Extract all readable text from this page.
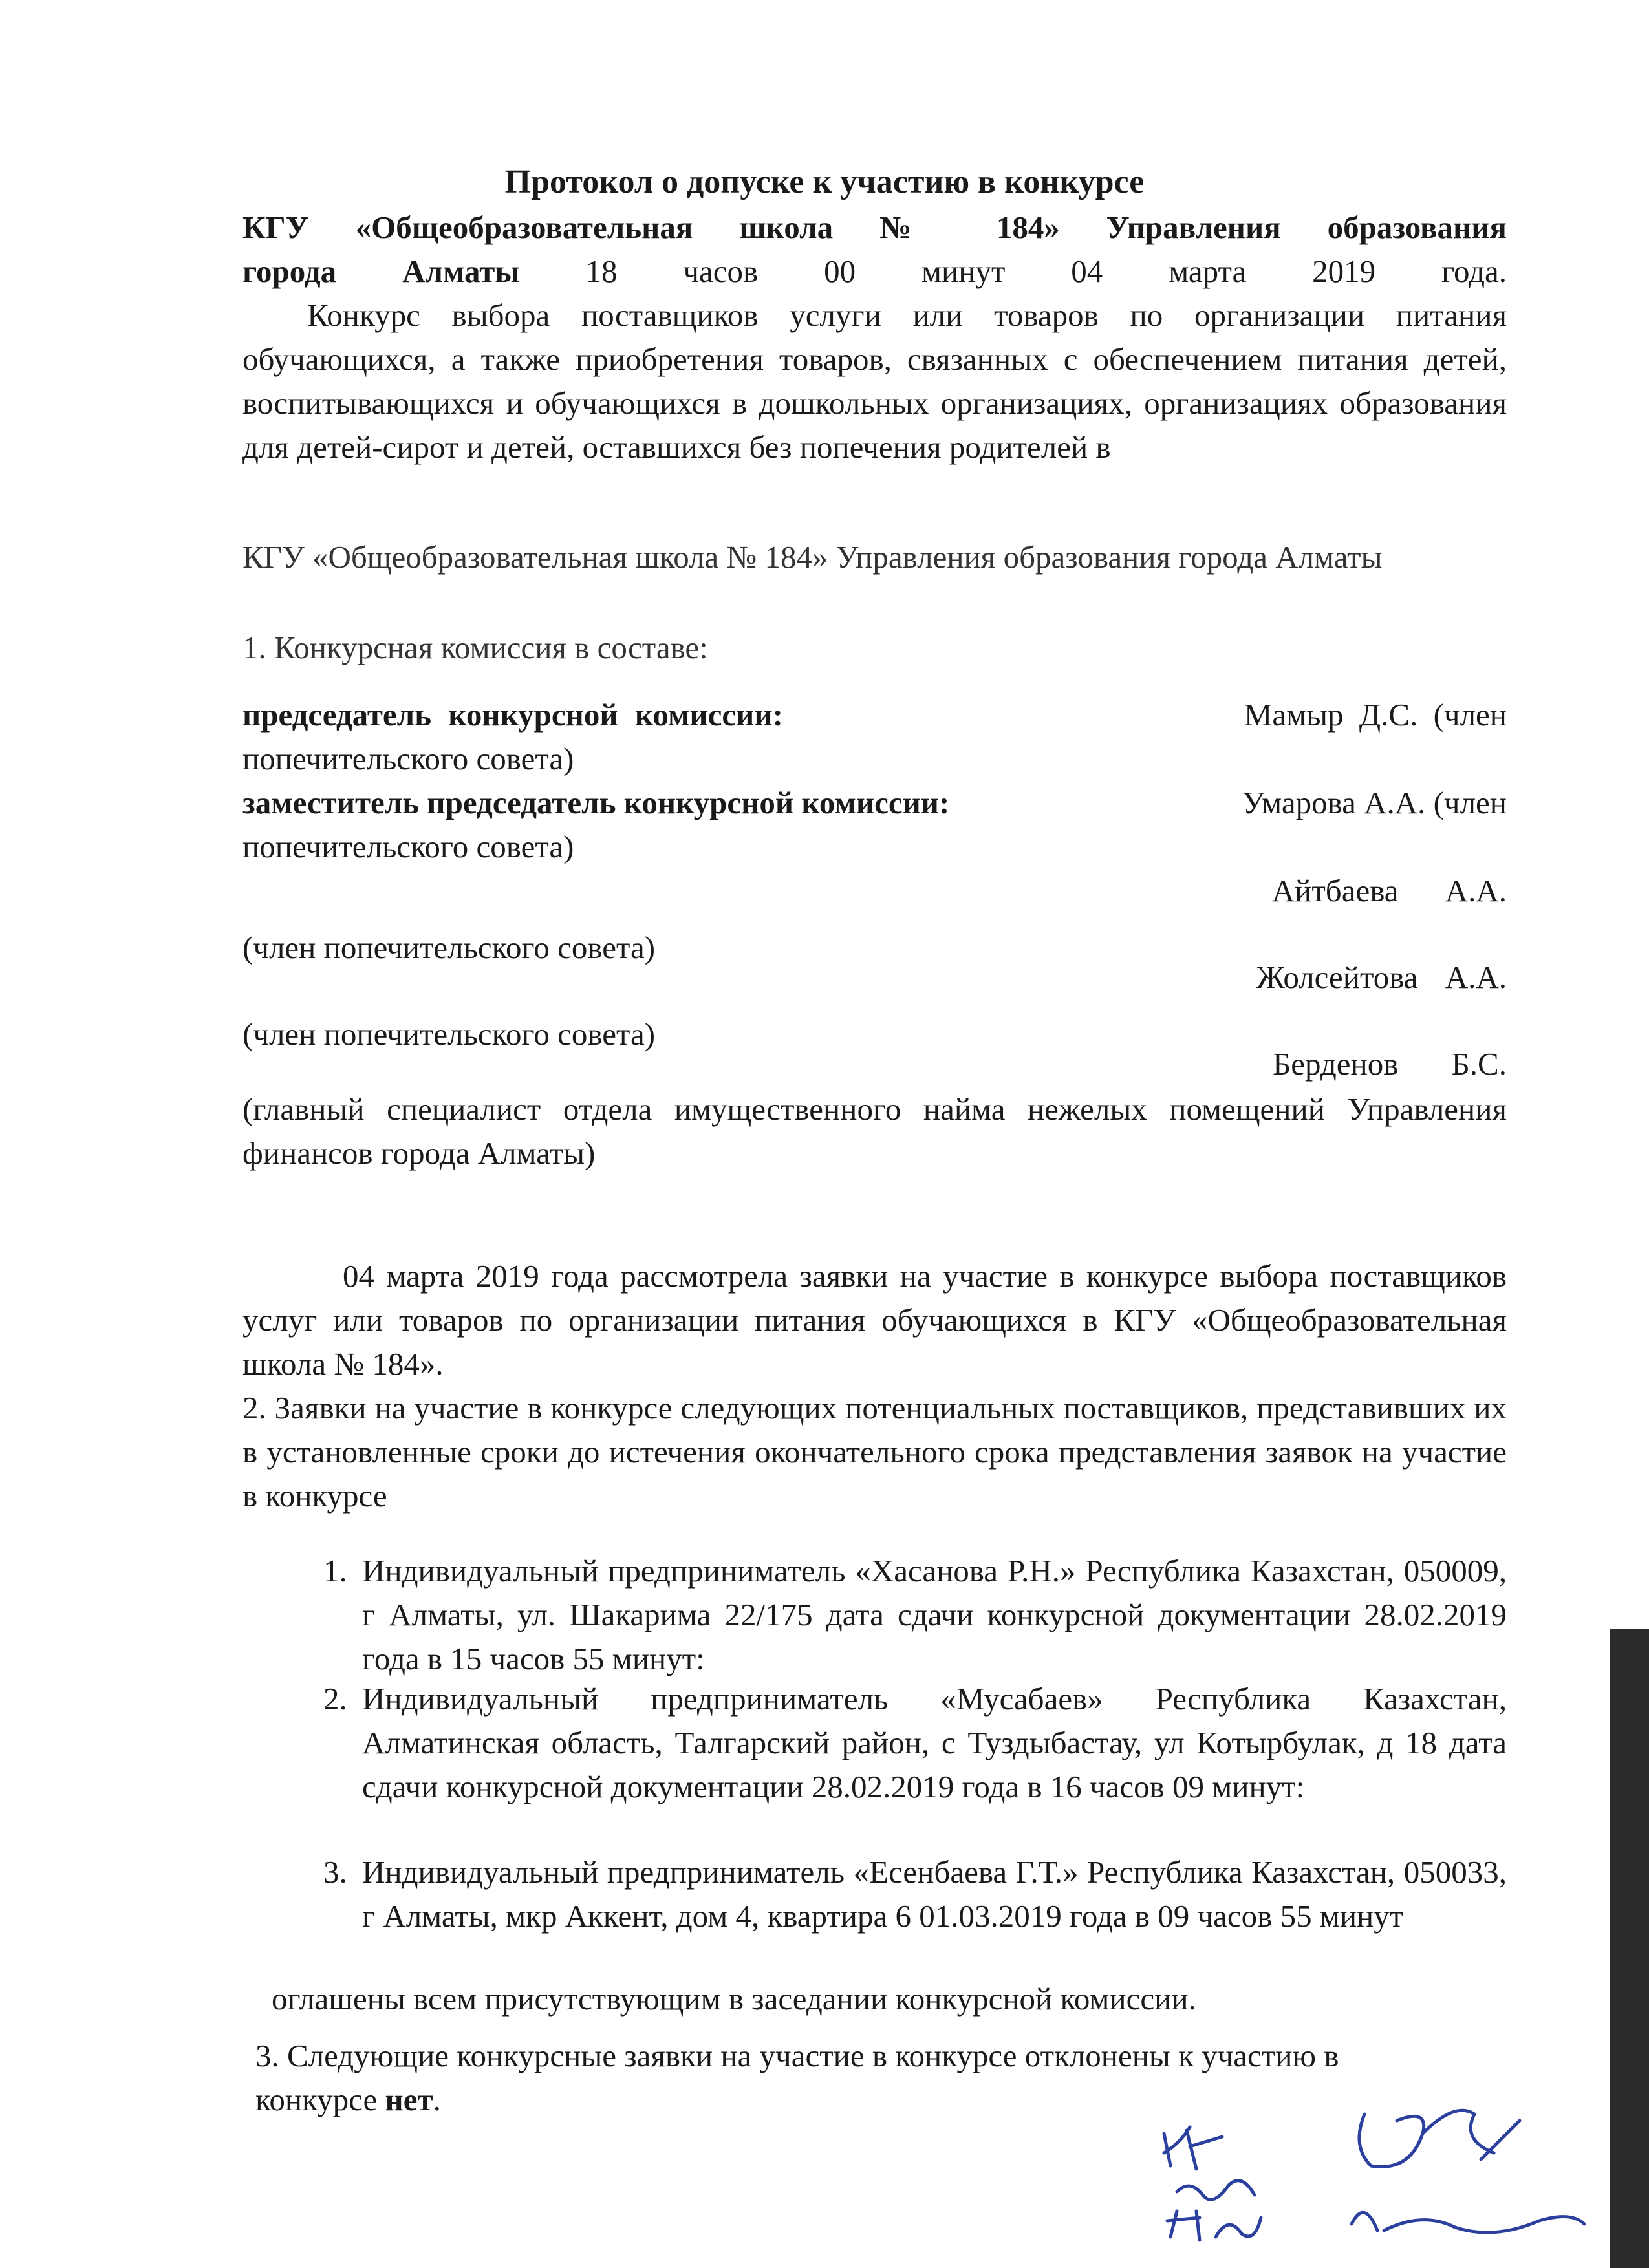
Протокол о допуске к участию в конкурсе
КГУ «Общеобразовательная школа № 184» Управления образования
города Алматы 18 часов 00 минут 04 марта 2019 года.
Конкурс выбора поставщиков услуги или товаров по организации питания обучающихся, а также приобретения товаров, связанных с обеспечением питания детей, воспитывающихся и обучающихся в дошкольных организациях, организациях образования для детей-сирот и детей, оставшихся без попечения родителей в
КГУ «Общеобразовательная школа № 184» Управления образования города Алматы
1. Конкурсная комиссия в составе:
председатель конкурсной комиссии:	Мамыр Д.С. (член
попечительского совета)
заместитель председатель конкурсной комиссии:	Умарова А.А. (член
попечительского совета)
Айтбаева А.А.
(член попечительского совета)
Жолсейтова А.А.
(член попечительского совета)
Берденов Б.С.
(главный специалист отдела имущественного найма нежелых помещений Управления финансов города Алматы)
04 марта 2019 года рассмотрела заявки на участие в конкурсе выбора поставщиков услуг или товаров по организации питания обучающихся в КГУ «Общеобразовательная школа № 184».
2. Заявки на участие в конкурсе следующих потенциальных поставщиков, представивших их в установленные сроки до истечения окончательного срока представления заявок на участие в конкурсе
1. Индивидуальный предприниматель «Хасанова Р.Н.» Республика Казахстан, 050009, г Алматы, ул. Шакарима 22/175 дата сдачи конкурсной документации 28.02.2019 года в 15 часов 55 минут:
2. Индивидуальный предприниматель «Мусабаев» Республика Казахстан, Алматинская область, Талгарский район, с Туздыбастау, ул Котырбулак, д 18 дата сдачи конкурсной документации 28.02.2019 года в 16 часов 09 минут:
3. Индивидуальный предприниматель «Есенбаева Г.Т.» Республика Казахстан, 050033, г Алматы, мкр Аккент, дом 4, квартира 6 01.03.2019 года в 09 часов 55 минут
оглашены всем присутствующим в заседании конкурсной комиссии.
3. Следующие конкурсные заявки на участие в конкурсе отклонены к участию в конкурсе нет.
